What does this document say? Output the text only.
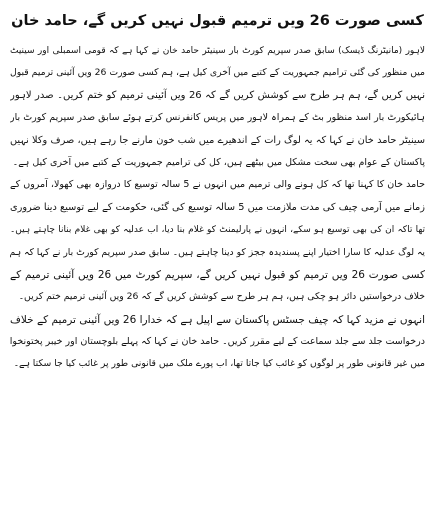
کسی صورت 26 ویں ترمیم قبول نہیں کریں گے، حامد خان
لاہور (مانیٹرنگ ڈیسک) سابق صدر سپریم کورٹ بار سینیٹر حامد خان نے کہا ہے کہ قومی اسمبلی اور سینیٹ
میں منظور کی گئی ترامیم جمہوریت کے کتبے میں آخری کیل ہے، ہم کسی صورت 26 ویں آئینی ترمیم قبول
نہیں کریں گے، ہم ہر طرح سے کوشش کریں گے کہ 26 ویں آئینی ترمیم کو ختم کریں۔ صدر لاہور
ہائیکورٹ بار اسد منظور بٹ کے ہمراہ لاہور میں پریس کانفرنس کرتے ہوئے سابق صدر سپریم کورٹ بار
سینیٹر حامد خان نے کہا کہ یہ لوگ رات کے اندھیرے میں شب خون مارنے جا رہے ہیں، صرف وکلا نہیں
پاکستان کے عوام بھی سخت مشکل میں بیٹھے ہیں، کل کی ترامیم جمہوریت کے کتبے میں آخری کیل ہے۔
حامد خان کا کہنا تھا کہ کل ہونے والی ترمیم میں انہوں نے 5 سالہ توسیع کا دروازہ بھی کھولا، آمروں کے
زمانے میں آرمی چیف کی مدت ملازمت میں 5 سالہ توسیع کی گئی، حکومت کے لیے توسیع دینا ضروری
تھا تاکہ ان کی بھی توسیع ہو سکے، انہوں نے پارلیمنٹ کو غلام بنا دیا، اب عدلیہ کو بھی غلام بنانا چاہتے ہیں۔
یہ لوگ عدلیہ کا سارا اختیار اپنے پسندیدہ ججز کو دینا چاہتے ہیں۔ سابق صدر سپریم کورٹ بار نے کہا کہ ہم
کسی صورت 26 ویں ترمیم کو قبول نہیں کریں گے، سپریم کورٹ میں 26 ویں آئینی ترمیم کے
خلاف درخواستیں دائر ہو چکی ہیں، ہم ہر طرح سے کوشش کریں گے کہ 26 ویں آئینی ترمیم ختم کریں۔
انہوں نے مزید کہا کہ چیف جسٹس پاکستان سے اپیل ہے کہ خدارا 26 ویں آئینی ترمیم کے خلاف
درخواست جلد سے جلد سماعت کے لیے مقرر کریں۔ حامد خان نے کہا کہ پہلے بلوچستان اور خیبر پختونخوا
میں غیر قانونی طور پر لوگوں کو غائب کیا جاتا تھا، اب پورے ملک میں قانونی طور پر غائب کیا جا سکتا ہے۔
